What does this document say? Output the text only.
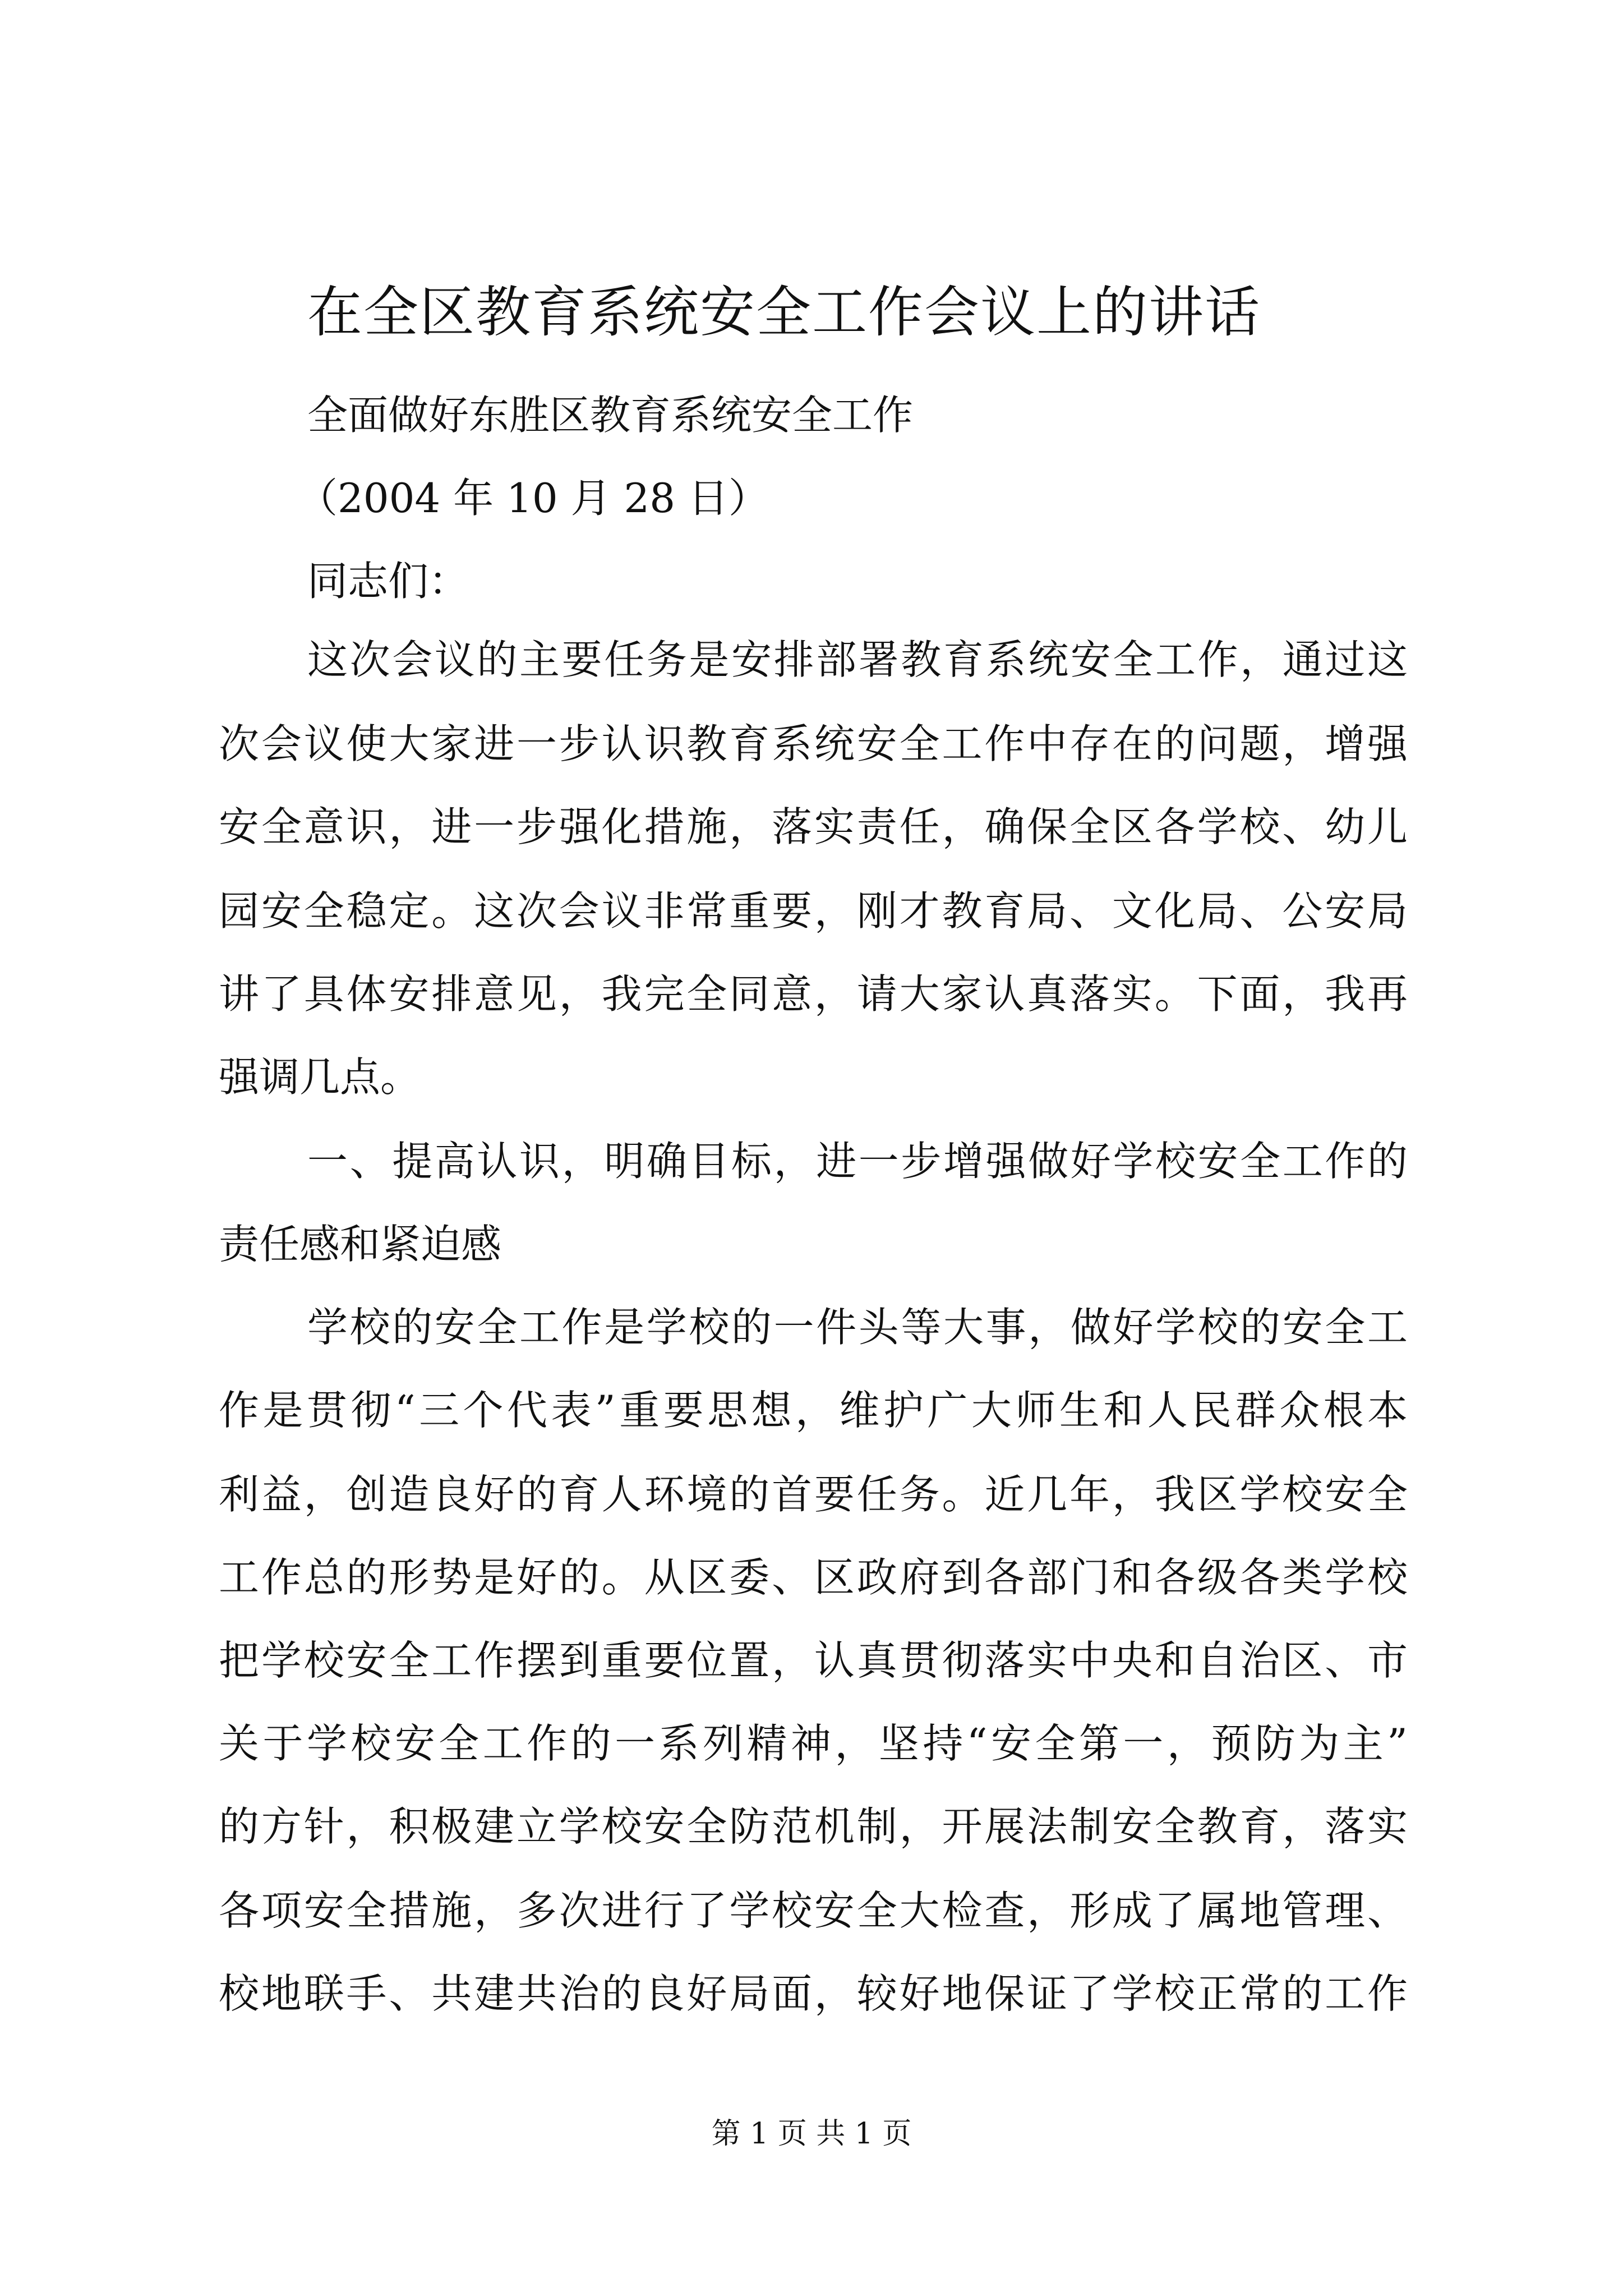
在全区教育系统安全工作会议上的讲话

全面做好东胜区教育系统安全工作

（2004 年 10 月 28 日）

同志们：

这次会议的主要任务是安排部署教育系统安全工作，通过这

次会议使大家进一步认识教育系统安全工作中存在的问题，增强

安全意识，进一步强化措施，落实责任，确保全区各学校、幼儿

园安全稳定。这次会议非常重要，刚才教育局、文化局、公安局

讲了具体安排意见，我完全同意，请大家认真落实。下面，我再

强调几点。

一、提高认识，明确目标，进一步增强做好学校安全工作的

责任感和紧迫感

学校的安全工作是学校的一件头等大事，做好学校的安全工

作是贯彻“三个代表”重要思想，维护广大师生和人民群众根本

利益，创造良好的育人环境的首要任务。近几年，我区学校安全

工作总的形势是好的。从区委、区政府到各部门和各级各类学校

把学校安全工作摆到重要位置，认真贯彻落实中央和自治区、市

关于学校安全工作的一系列精神，坚持“安全第一，预防为主”

的方针，积极建立学校安全防范机制，开展法制安全教育，落实

各项安全措施，多次进行了学校安全大检查，形成了属地管理、

校地联手、共建共治的良好局面，较好地保证了学校正常的工作

第 1 页 共 1 页
